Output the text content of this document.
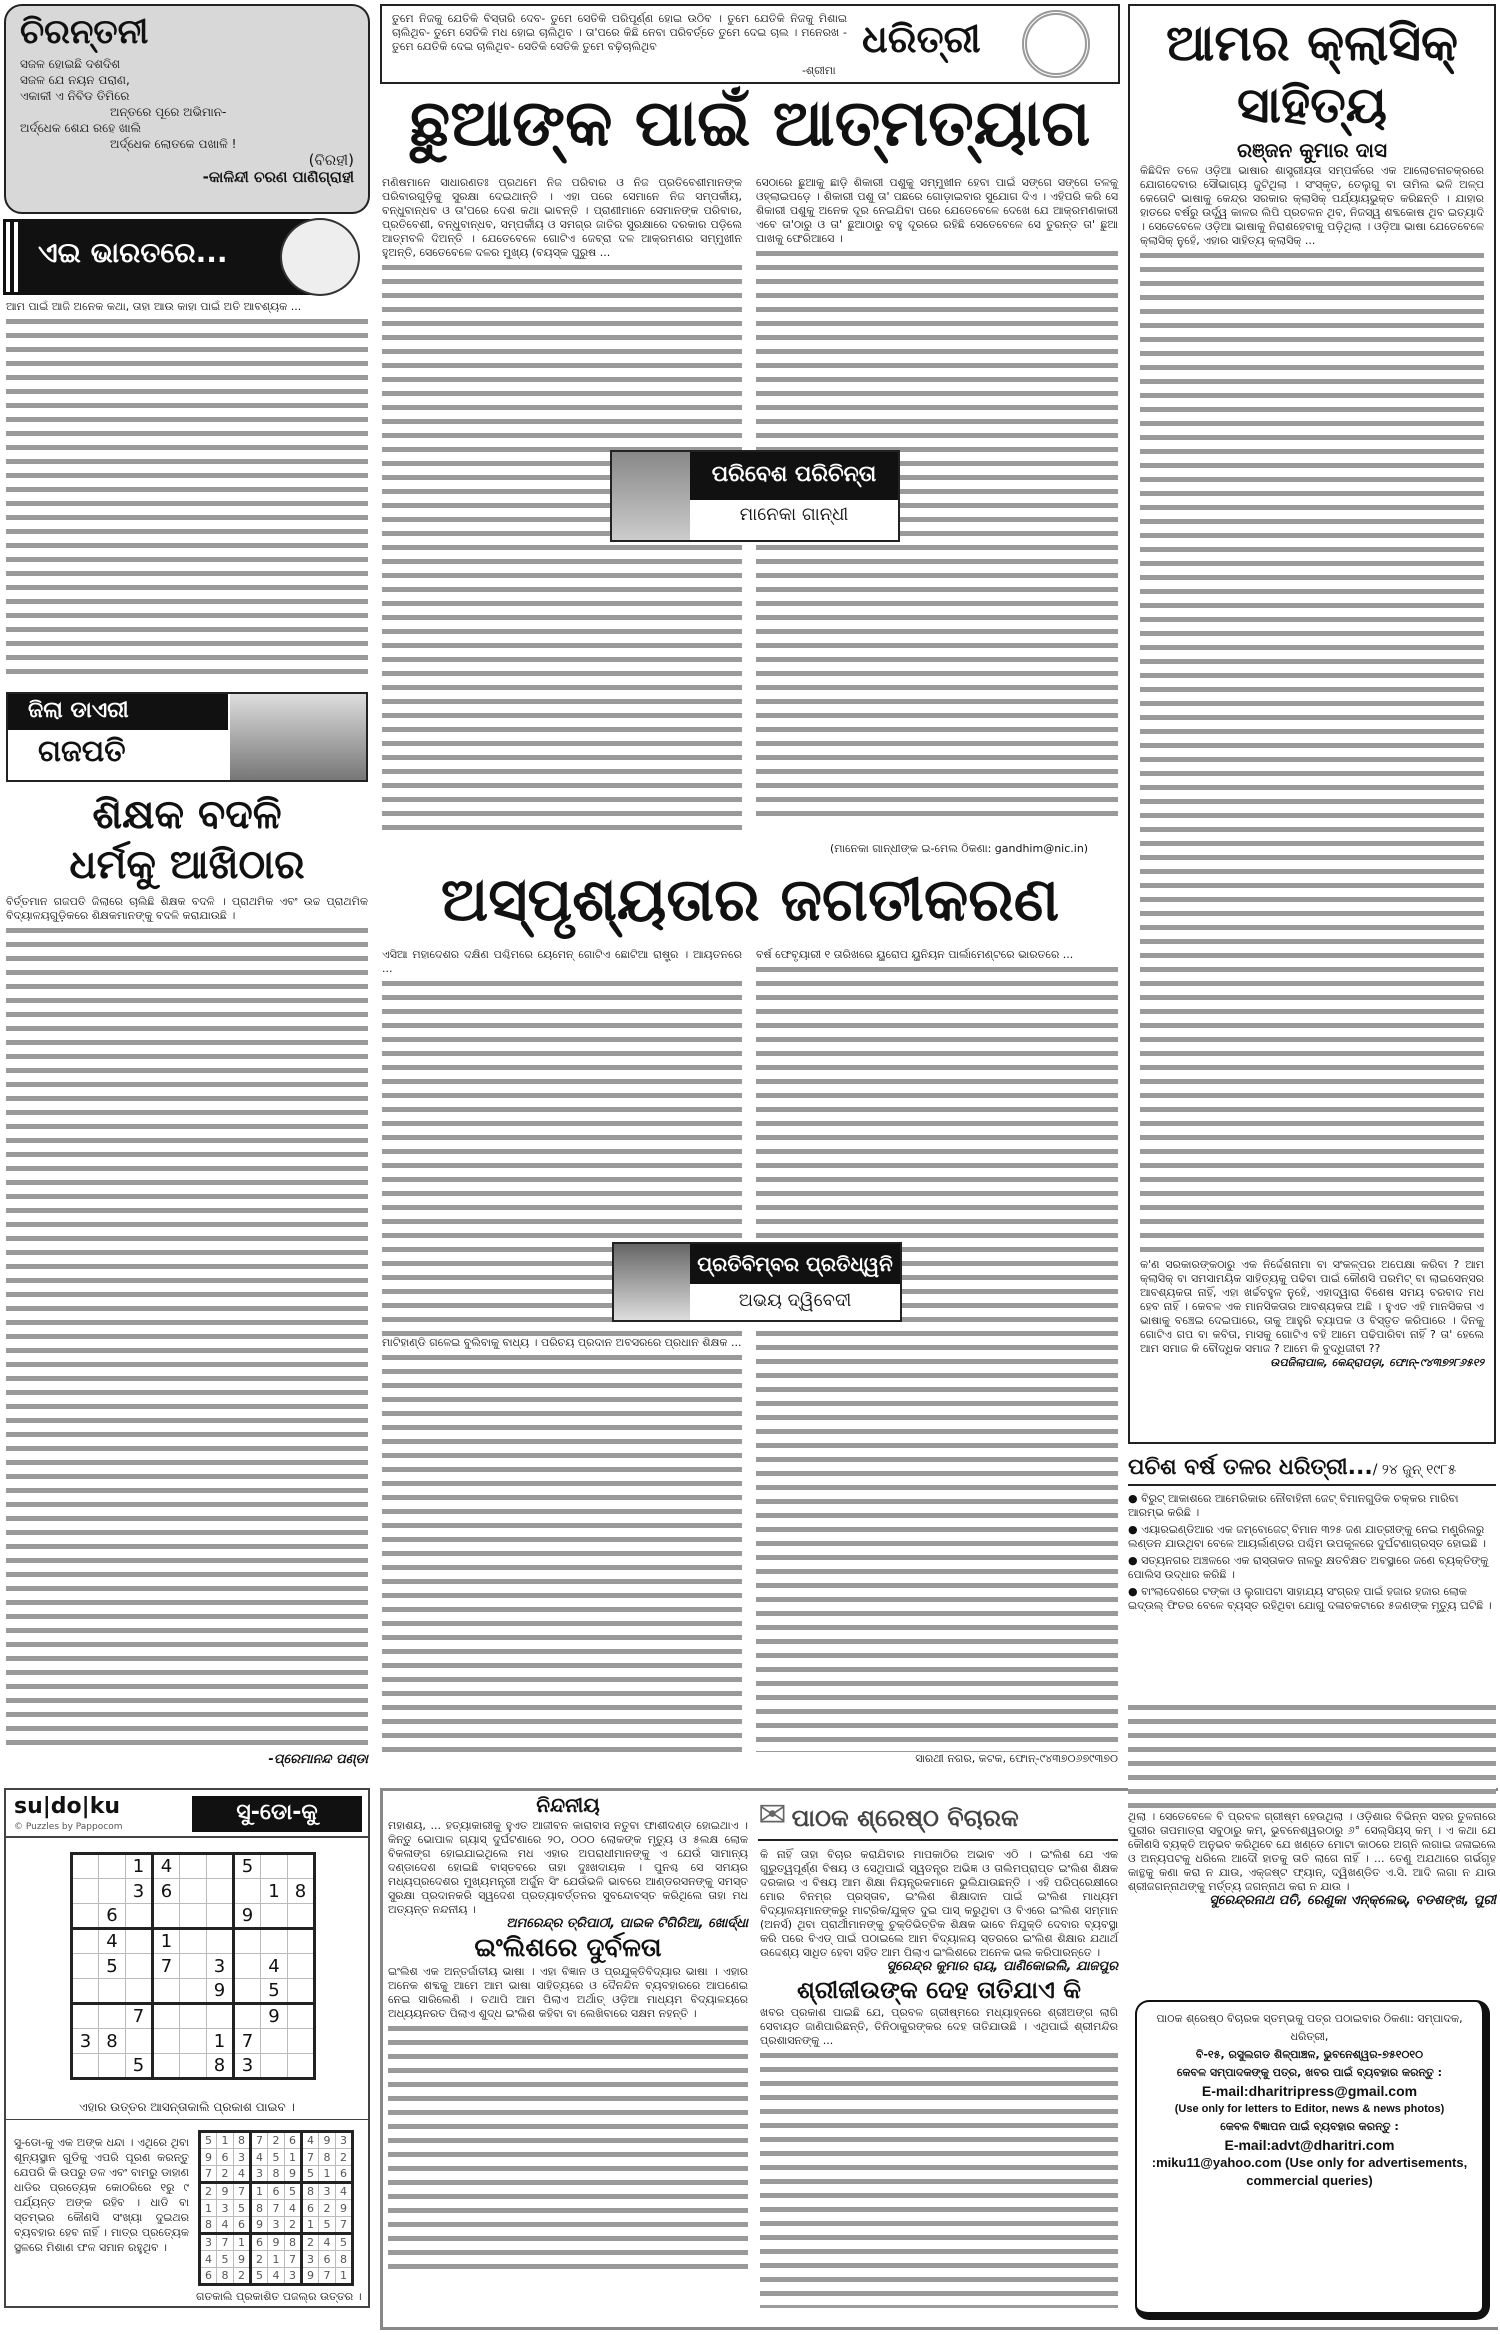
ଚିରନ୍ତନୀ
ସଜଳ ହୋଇଛି ଦଶଦିଶ
ସଜଳ ଯେ ନୟନ ପରାଣ,
ଏକାକୀ ଏ ନିବିଡ ତିମିରେ
ଅନ୍ତରେ ପୂରେ ଅଭିମାନ-
ଅର୍ଦ୍ଧେକ ଶେଯ ରହେ ଖାଲି
ଅର୍ଦ୍ଧେକ ଲୋତକେ ପଖାଳି !
(ବିରହୀ)
-କାଳିନ୍ଦୀ ଚରଣ ପାଣିଗ୍ରାହୀ
ଏଇ ଭାରତରେ...

ଆମ ପାଇଁ ଆଜି ଅନେକ କଥା, ତାହା ଆଉ କାହା ପାଇଁ ଅତି ଆବଶ୍ୟକ ...

ଜିଲା ଡାଏରୀ
ଗଜପତି
ଶିକ୍ଷକ ବଦଳି
ଧର୍ମକୁ ଆଖିଠାର

ବିର୍ତ୍ତମାନ ଗଜପତି ଜିଲାରେ ଚାଲିଛି ଶିକ୍ଷକ ବଦଳି । ପ୍ରାଥମିକ ଏବଂ ଉଚ୍ଚ ପ୍ରାଥମିକ ବିଦ୍ୟାଳୟଗୁଡ଼ିକରେ ଶିକ୍ଷକମାନଙ୍କୁ ବଦଳି କରାଯାଉଛି ।

-ପ୍ରେମାନନ୍ଦ ପଣ୍ଡା
su|do|ku
© Puzzles by Pappocom
ସୁ-ଡୋ-କୁ
		1	4			5		
		3	6				1	8
	6					9		
	4		1					
	5		7		3		4	
					9		5	
		7					9	
3	8				1	7		
		5			8	3		
ଏହାର ଉତ୍ତର ଆସନ୍ତାକାଲି ପ୍ରକାଶ ପାଇବ ।
ସୁ-ଡୋ-କୁ ଏକ ଅଙ୍କ ଧନ୍ଦା । ଏଥିରେ ଥିବା ଶୂନ୍ୟସ୍ଥାନ ଗୁଡିକୁ ଏପରି ପୂରଣ କରନ୍ତୁ ଯେପରି କି ଉପରୁ ତଳ ଏବଂ ବାମରୁ ଡାହାଣ ଧାଡିର ପ୍ରତ୍ୟେକ କୋଠରିରେ ୧ରୁ ୯ ପର୍ଯ୍ୟନ୍ତ ଅଙ୍କ ରହିବ । ଧାଡି ବା ସ୍ତମ୍ଭର କୌଣସି ସଂଖ୍ୟା ଦୁଇଥର ବ୍ୟବହାର ହେବ ନାହିଁ । ମାତ୍ର ପ୍ରତ୍ୟେକ ସ୍ଥଳରେ ମିଶାଣ ଫଳ ସମାନ ରହୁଥିବ ।
5	1	8	7	2	6	4	9	3
9	6	3	4	5	1	7	8	2
7	2	4	3	8	9	5	1	6
2	9	7	1	6	5	8	3	4
1	3	5	8	7	4	6	2	9
8	4	6	9	3	2	1	5	7
3	7	1	6	9	8	2	4	5
4	5	9	2	1	7	3	6	8
6	8	2	5	4	3	9	7	1
ଗତକାଲି ପ୍ରକାଶିତ ପଜଲ୍‌ର ଉତ୍ତର ।
ତୁମେ ନିଜକୁ ଯେତିକି ବିସ୍ତାରି ଦେବ- ତୁମେ ସେତିକି ପରିପୂର୍ଣ୍ଣ ହୋଇ ଉଠିବ । ତୁମେ ଯେତିକି ନିଜକୁ ମିଶାଇ ଚାଲିଥିବ- ତୁମେ ସେତିକି ମଧ ହୋଇ ଚାଲିଥିବ । ତା'ପରେ କିଛି ନେବା ପରିବର୍ତ୍ତେ ତୁମେ ଦେଇ ଚାଲ । ମନେରଖ - ତୁମେ ଯେତିକି ଦେଇ ଚାଲିଥିବ- ସେତିକି ସେତିକି ତୁମେ ବଢ଼ିଚାଲିଥିବ
-ଶ୍ରୀମା
ଧରିତ୍ରୀ
ଛୁଆଙ୍କ ପାଇଁ ଆତ୍ମତ୍ୟାଗ

ମଣିଷମାନେ ସାଧାରଣତଃ ପ୍ରଥମେ ନିଜ ପରିବାର ଓ ନିଜ ପ୍ରତିବେଶୀମାନଙ୍କ ପରିବାରଗୁଡ଼ିକୁ ସୁରକ୍ଷା ଦେଇଥାନ୍ତି । ଏହା ପରେ ସେମାନେ ନିଜ ସମ୍ପର୍କୀୟ, ବନ୍ଧୁବାନ୍ଧବ ଓ ତା'ପରେ ଦେଶ କଥା ଭାବନ୍ତି । ପ୍ରାଣୀମାନେ ସେମାନଙ୍କ ପରିବାର, ପ୍ରତିବେଶୀ, ବନ୍ଧୁବାନ୍ଧବ, ସମ୍ପର୍କୀୟ ଓ ସମଗ୍ର ଜାତିର ସୁରକ୍ଷାରେ ଦରକାର ପଡ଼ିଲେ ଆତ୍ମବଳି ଦିଅନ୍ତି । ଯେତେବେଳେ ଗୋଟିଏ ଜେବ୍ରା ଦଳ ଆକ୍ରମଣର ସମ୍ମୁଖୀନ ହୁଅନ୍ତି, ସେତେବେଳେ ଦଳର ମୁଖ୍ୟ (ବୟସ୍କ ପୁରୁଷ ...

ସେଠାରେ ଛୁଆକୁ ଛାଡ଼ି ଶିକାରୀ ପଶୁକୁ ସମ୍ମୁଖୀନ ହେବା ପାଇଁ ସଙ୍ଗେ ସଙ୍ଗେ ତଳକୁ ଓହ୍ଲାଇପଡ଼େ । ଶିକାରୀ ପଶୁ ତା' ପଛରେ ଗୋଡ଼ାଇବାର ସୁଯୋଗ ଦିଏ । ଏହିପରି କରି ସେ ଶିକାରୀ ପଶୁକୁ ଅନେକ ଦୂର ନେଇଯିବା ପରେ ଯେତେବେଳେ ଦେଖେ ଯେ ଆକ୍ରମଣକାରୀ ଏବେ ତା'ଠାରୁ ଓ ତା' ଛୁଆଠାରୁ ବହୁ ଦୂରରେ ରହିଛି ସେତେବେଳେ ସେ ତୁରନ୍ତ ତା' ଛୁଆ ପାଖକୁ ଫେରିଆସେ ।

ପରିବେଶ ପରିଚିନ୍ତା
ମାନେକା ଗାନ୍ଧୀ
(ମାନେକା ଗାନ୍ଧୀଙ୍କ ଇ-ମେଲ ଠିକଣା: gandhim@nic.in)
ଅସ୍ପୃଶ୍ୟତାର ଜଗତୀକରଣ

ଏସିଆ ମହାଦେଶର ଦକ୍ଷିଣ ପଶ୍ଚିମରେ ୟେମେନ୍ ଗୋଟିଏ ଛୋଟିଆ ରାଷ୍ଟ୍ର । ଆୟତନରେ ...

ମାଟିହାଣ୍ଡି ଗଳେଇ ବୁଲିବାକୁ ବାଧ୍ୟ । ପରିଚୟ ପ୍ରଦାନ ଅବସରରେ ପ୍ରଧାନ ଶିକ୍ଷକ ...

ବର୍ଷ ଫେବୃୟାରୀ ୧ ତାରିଖରେ ୟୁରୋପ ୟୁନିୟନ ପାର୍ଲାମେଣ୍ଟରେ ଭାରତରେ ...

ସାରଥୀ ନଗର, କଟକ, ଫୋନ୍-୯୪୩୭୦୬୭୯୩୭୦
ପ୍ରତିବିମ୍ବର ପ୍ରତିଧ୍ୱନି
ଅଭୟ ଦ୍ୱିବେଦୀ
ନିନ୍ଦନୀୟ

ମହାଶୟ, ... ହତ୍ୟାକାରୀକୁ ହୁଏତ ଆଜୀବନ କାରାବାସ ନତୁବା ଫାଶୀଦଣ୍ଡ ହୋଇଥାଏ । କିନ୍ତୁ ଭୋପାଳ ଗ୍ୟାସ୍ ଦୁର୍ଘଟଣାରେ ୨୦, ୦୦୦ ଲୋକଙ୍କ ମୃତ୍ୟୁ ଓ ୫ଲକ୍ଷ ଲୋକ ବିକଳାଙ୍ଗ ହୋଇଯାଇଥିଲେ ମଧ ଏହାର ଅପରାଧୀମାନଙ୍କୁ ଏ ଯେଉଁ ସାମାନ୍ୟ ଦଣ୍ଡାଦେଶ ହୋଇଛି ବାସ୍ତବରେ ତାହା ଦୁଃଖଦାୟକ । ପୁନଶ୍ଚ ସେ ସମୟର ମଧ୍ୟପ୍ରଦେଶର ମୁଖ୍ୟମନ୍ତ୍ରୀ ଅର୍ଜୁନ ସିଂ ଯେଉଁଭଳି ଭାବରେ ଆଣ୍ଡରସନଙ୍କୁ ସମସ୍ତ ସୁରକ୍ଷା ପ୍ରଦାନକରି ସ୍ୱଦେଶ ପ୍ରତ୍ୟାବର୍ତ୍ତନର ସୁବନ୍ଦୋବସ୍ତ କରିଥିଲେ ତାହା ମଧ ଅତ୍ୟନ୍ତ ନନ୍ଦନୀୟ ।

ଅମରେନ୍ଦ୍ର ତ୍ରିପାଠୀ, ପାଇକ ଟିଗିରିଆ, ଖୋର୍ଦ୍ଧା
ଇଂଲିଶରେ ଦୁର୍ବଳତା

ଇଂଲିଶ ଏକ ଅନ୍ତର୍ଜାତୀୟ ଭାଷା । ଏହା ବିଜ୍ଞାନ ଓ ପ୍ରଯୁକ୍ତିବିଦ୍ୟାର ଭାଷା । ଏହାର ଅନେକ ଶବ୍ଦକୁ ଆମେ ଆମ ଭାଷା ସାହିତ୍ୟରେ ଓ ଦୈନନ୍ଦିନ ବ୍ୟବହାରରେ ଆପଣେଇ ନେଇ ସାରିଲେଣି । ତଥାପି ଆମ ପିଲାଏ ଅର୍ଥାତ୍ ଓଡ଼ିଆ ମାଧ୍ୟମ ବିଦ୍ୟାଳୟରେ ଅଧ୍ୟୟନରତ ପିଲାଏ ଶୁଦ୍ଧ ଇଂଲିଶ କହିବା ବା ଲେଖିବାରେ ସକ୍ଷମ ନହନ୍ତି ।

✉ ପାଠକ ଶ୍ରେଷ୍ଠ ବିଚାରକ

କି ନାହିଁ ତାହା ବିଚାର କରାଯିବାର ମାପକାଠିର ଅଭାବ ଏଠି । ଇଂଲିଶ ଯେ ଏକ ଗୁରୁତ୍ୱପୂର୍ଣ୍ଣ ବିଷୟ ଓ ସେଥିପାଇଁ ସ୍ୱତନ୍ତ୍ର ଅଭିଜ୍ଞ ଓ ତାଲିମପ୍ରାପ୍ତ ଇଂଲିଶ ଶିକ୍ଷକ ଦରକାର ଏ ବିଷୟ ଆମ ଶିକ୍ଷା ନିୟନ୍ତ୍ରକମାନେ ଭୁଲିଯାଉଛନ୍ତି । ଏହି ପରିପ୍ରେକ୍ଷୀରେ ମୋର ବିନମ୍ର ପ୍ରସ୍ତାବ, ଇଂଲିଶ ଶିକ୍ଷାଦାନ ପାଇଁ ଇଂଲିଶ ମାଧ୍ୟମ ବିଦ୍ୟାଳୟମାନଙ୍କରୁ ମାଟ୍ରିକ/ଯୁକ୍ତ ଦୁଇ ପାସ୍ କରୁଥିବା ଓ ବିଏରେ ଇଂଲିଶ ସମ୍ମାନ (ଅନର୍ସ) ଥିବା ପ୍ରାର୍ଥୀମାନଙ୍କୁ ଚୁକ୍ତିଭିତ୍ତିକ ଶିକ୍ଷକ ଭାବେ ନିଯୁକ୍ତି ଦେବାର ବ୍ୟବସ୍ଥା କରି ପରେ ବିଏଡ୍ ପାଇଁ ପଠାଇଲେ ଆମ ବିଦ୍ୟାଳୟ ସ୍ତରରେ ଇଂଲିଶ ଶିକ୍ଷାର ଯଥାର୍ଥ ଉଦ୍ଦେଶ୍ୟ ସାଧିତ ହେବା ସହିତ ଆମ ପିଲାଏ ଇଂଲିଶରେ ଅନେକ ଭଲ କରିପାରନ୍ତେ ।

ସୁରେନ୍ଦ୍ର କୁମାର ରାୟ, ପାଣିକୋଇଲି, ଯାଜପୁର
ଶ୍ରୀଜୀଉଙ୍କ ଦେହ ତାତିଯାଏ କି

ଖବର ପ୍ରକାଶ ପାଇଛି ଯେ, ପ୍ରବଳ ଗ୍ରୀଷ୍ମରେ ମଧ୍ୟାହ୍ନରେ ଶ୍ରୀଅଙ୍ଗ ଲାଗି ସେବାୟତ ଜାଣିପାରିଛନ୍ତି, ତିନିଠାକୁରଙ୍କର ଦେହ ତାତିଯାଉଛି । ଏଥିପାଇଁ ଶ୍ରୀମନ୍ଦିର ପ୍ରଶାସନଙ୍କୁ ...

ଆମର କ୍ଲାସିକ୍
ସାହିତ୍ୟ
ରଞ୍ଜନ କୁମାର ଦାସ

କିଛିଦିନ ତଳେ ଓଡ଼ିଆ ଭାଷାର ଶାସ୍ତ୍ରୀୟତା ସମ୍ପର୍କରେ ଏକ ଆଲୋଚନାଚକ୍ରରେ ଯୋଗଦେବାର ସୌଭାଗ୍ୟ ଜୁଟିଥିଲା । ସଂସ୍କୃତ, ତେଲୁଗୁ ବା ତାମିଲ ଭଳି ଅଳ୍ପ କେତୋଟି ଭାଷାକୁ କେନ୍ଦ୍ର ସରକାର କ୍ଲାସିକ୍ ପର୍ଯ୍ୟାୟଭୁକ୍ତ କରିଛନ୍ତି । ଯାହାର ହାତରେ ବର୍ଷରୁ ଉର୍ଦ୍ଧ୍ୱ କାଳର ଲିପି ପ୍ରଚଳନ ଥିବ, ନିଜସ୍ୱ ଶବ୍ଦକୋଷ ଥିବ ଇତ୍ୟାଦି । ସେତେବେଳେ ଓଡ଼ିଆ ଭାଷାକୁ ନିରାଶହେବାକୁ ପଡ଼ିଥିଲା । ଓଡ଼ିଆ ଭାଷା ଯେତେବେଳେ କ୍ଲାସିକ୍ ନୁହେଁ, ଏହାର ସାହିତ୍ୟ କ୍ଲାସିକ୍ ...

କ'ଣ ସରକାରଙ୍କଠାରୁ ଏକ ନିର୍ଦ୍ଦେଶନାମା ବା ସଂକଳ୍ପର ଅପେକ୍ଷା କରିବା ? ଆମ କ୍ଲାସିକ୍ ବା ସମସାମୟିକ ସାହିତ୍ୟକୁ ପଢିବା ପାଇଁ କୌଣସି ପରମିଟ୍ ବା ଲାଇସେନ୍ସର ଆବଶ୍ୟକତା ନାହିଁ, ଏହା ଖର୍ଚ୍ଚବହୁଳ ନୁହେଁ, ଏହାଦ୍ୱାରା ବିଶେଷ ସମୟ ବରବାଦ ମଧ ହେବ ନାହିଁ । କେବଳ ଏକ ମାନସିକତାର ଆବଶ୍ୟକତା ଅଛି । ହୁଏତ ଏହି ମାନସିକତା ଏ ଭାଷାକୁ ବଞ୍ଚେଇ ଦେଇପାରେ, ତାକୁ ଆହୁରି ବ୍ୟାପକ ଓ ବିସ୍ତୃତ କରିପାରେ । ଦିନକୁ ଗୋଟିଏ ଗପ ବା କବିତା, ମାସକୁ ଗୋଟିଏ ବହି ଆମେ ପଢିପାରିବା ନାହିଁ ? ତା' ହେଲେ ଆମ ସମାଜ କି ବୌଦ୍ଧିକ ସମାଜ ? ଆମେ କି ବୁଦ୍ଧିଜୀବୀ ??

ଉପଜିଲାପାଳ, କେନ୍ଦ୍ରାପଡ଼ା, ଫୋନ୍-୯୪୩୭୨୮୬୫୧୨
ପଚିଶ ବର୍ଷ ତଳର ଧରିତ୍ରୀ.../ ୨୪ ଜୁନ୍ ୧୯୮୫
● ବିରୁଟ୍ ଆକାଶରେ ଆମେରିକାର ନୌବାହିନୀ ଜେଟ୍ ବିମାନଗୁଡିକ ଚକ୍କର ମାରିବା ଆରମ୍ଭ କରିଛି ।
● ଏୟାରଇଣ୍ଡିଆର ଏକ ଜମ୍ବୋଜେଟ୍ ବିମାନ ୩୨୫ ଜଣ ଯାତ୍ରୀଙ୍କୁ ନେଇ ମଣ୍ଟ୍ରିଲରୁ ଲଣ୍ଡନ ଯାଉଥିବା ବେଳେ ଆୟର୍ଲାଣ୍ଡର ପଶ୍ଚିମ ଉପକୂଳରେ ଦୁର୍ଘଟଣାଗ୍ରସ୍ତ ହୋଇଛି ।
● ସତ୍ୟନଗର ଅଞ୍ଚଳରେ ଏକ ରାସ୍ତାକଡ ନାଳରୁ କ୍ଷତବିକ୍ଷତ ଅବସ୍ଥାରେ ଜଣେ ବ୍ୟକ୍ତିଙ୍କୁ ପୋଲିସ ଉଦ୍ଧାର କରିଛି ।
● ବାଂଲାଦେଶରେ ଟଙ୍କା ଓ ଲୁଗାପଟା ସାହାଯ୍ୟ ସଂଗ୍ରହ ପାଇଁ ହଜାର ହଜାର ଲୋକ ଇଦ୍‌ଉଲ୍ ଫିତର ବେଳେ ବ୍ୟସ୍ତ ରହିଥିବା ଯୋଗୁ ଦଳାଚକଟାରେ ୫ଜଣଙ୍କ ମୃତ୍ୟୁ ଘଟିଛି ।

ଥିଲା । ସେତେବେଳେ ବି ପ୍ରବଳ ଗ୍ରୀଷ୍ମ ହେଉଥିଲା । ଓଡ଼ିଶାର ବିଭିନ୍ନ ସହର ତୁଳନାରେ ପୁରୀର ତାପମାତ୍ରା ସବୁଠାରୁ କମ୍, ଭୁବନେଶ୍ୱରଠାରୁ ୬° ସେଲ୍‌ସିୟସ୍ କମ୍ । ଏ କଥା ଯେ କୌଣସି ବ୍ୟକ୍ତି ଅନୁଭବ କରିଥିବେ ଯେ ଖଣ୍ଡେ ମୋଟା କାଠରେ ଅଗ୍ନି ଲଗାଇ ଜଳାଇଲେ ଓ ଅନ୍ୟପଟକୁ ଧରିଲେ ଆଦୌ ହାତକୁ ତାତି ଲାଗେ ନାହିଁ । ... ତେଣୁ ଅଯଥାରେ ଗର୍ଭଗୃହ କାନ୍ଥକୁ କଣା କରା ନ ଯାଉ, ଏକ୍‌ଜଷ୍ଟ ଫ୍ୟାନ୍, ଦ୍ୱିଖଣ୍ଡିତ ଏ.ସି. ଆଦି ଲଗା ନ ଯାଉ ଶ୍ରୀଜଗନ୍ନାଥଙ୍କୁ ମର୍ତ୍ତ୍ୟ ଜଗନ୍ନାଥ କରା ନ ଯାଉ ।

ସୁରେନ୍ଦ୍ରନାଥ ପତି, ରେଣୁକା ଏନ୍‌କ୍ଲେଭ୍, ବଡଶଙ୍ଖ, ପୁରୀ
ପାଠକ ଶ୍ରେଷ୍ଠ ବିଚାରକ ସ୍ତମ୍ଭକୁ ପତ୍ର ପଠାଇବାର ଠିକଣା: ସମ୍ପାଦକ, ଧରିତ୍ରୀ,
ବି-୧୫, ରସୁଲଗଡ ଶିଳ୍ପାଞ୍ଚଳ, ଭୁବନେଶ୍ୱର-୭୫୧୦୧୦
କେବଳ ସମ୍ପାଦକଙ୍କୁ ପତ୍ର, ଖବର ପାଇଁ ବ୍ୟବହାର କରନ୍ତୁ :
E-mail:dharitripress@gmail.com
(Use only for letters to Editor, news & news photos)
କେବଳ ବିଜ୍ଞାପନ ପାଇଁ ବ୍ୟବହାର କରନ୍ତୁ :
E-mail:advt@dharitri.com
:miku11@yahoo.com (Use only for advertisements, commercial queries)
